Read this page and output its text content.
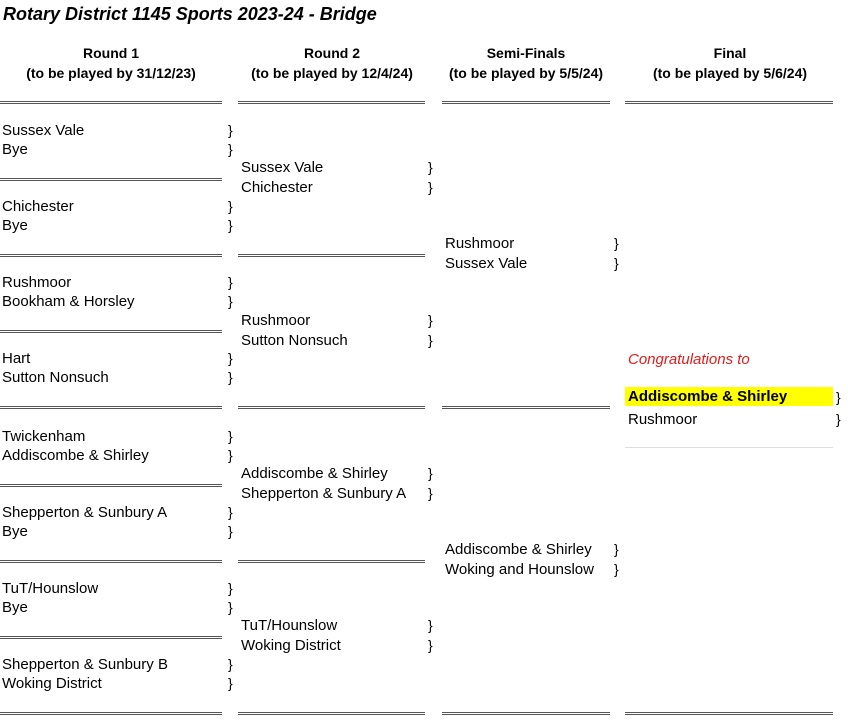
Rotary District 1145 Sports 2023-24 - Bridge
Round 1
(to be played by 31/12/23)
Round 2
(to be played by 12/4/24)
Semi-Finals
(to be played by 5/5/24)
Final
(to be played by 5/6/24)
Sussex Vale	}
Bye	}
Chichester	}
Bye	}
Rushmoor	}
Bookham & Horsley	}
Hart	}
Sutton Nonsuch	}
Twickenham	}
Addiscombe & Shirley	}
Shepperton & Sunbury A	}
Bye	}
TuT/Hounslow	}
Bye	}
Shepperton & Sunbury B	}
Woking District	}
Sussex Vale	}
Chichester	}
Rushmoor	}
Sutton Nonsuch	}
Addiscombe & Shirley	}
Shepperton & Sunbury A }
TuT/Hounslow	}
Woking District	}
Rushmoor	}
Sussex Vale	}
Addiscombe & Shirley }
Woking and Hounslow }
Congratulations to
Addiscombe & Shirley	}
Rushmoor	}
